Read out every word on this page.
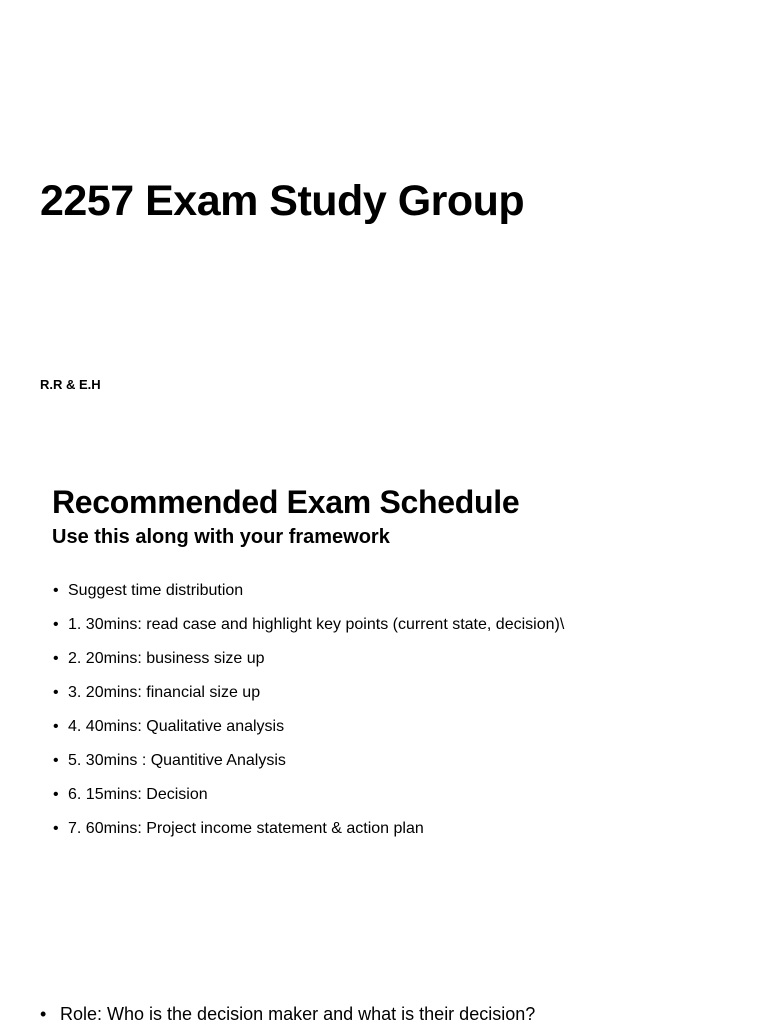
2257 Exam Study Group

R.R & E.H

Recommended Exam Schedule
Use this along with your framework
• Suggest time distribution
• 1. 30mins: read case and highlight key points (current state, decision)\
• 2. 20mins: business size up
• 3. 20mins: financial size up
• 4. 40mins: Qualitative analysis
• 5. 30mins : Quantitive Analysis
• 6. 15mins: Decision
• 7. 60mins: Project income statement & action plan

• Role: Who is the decision maker and what is their decision?
